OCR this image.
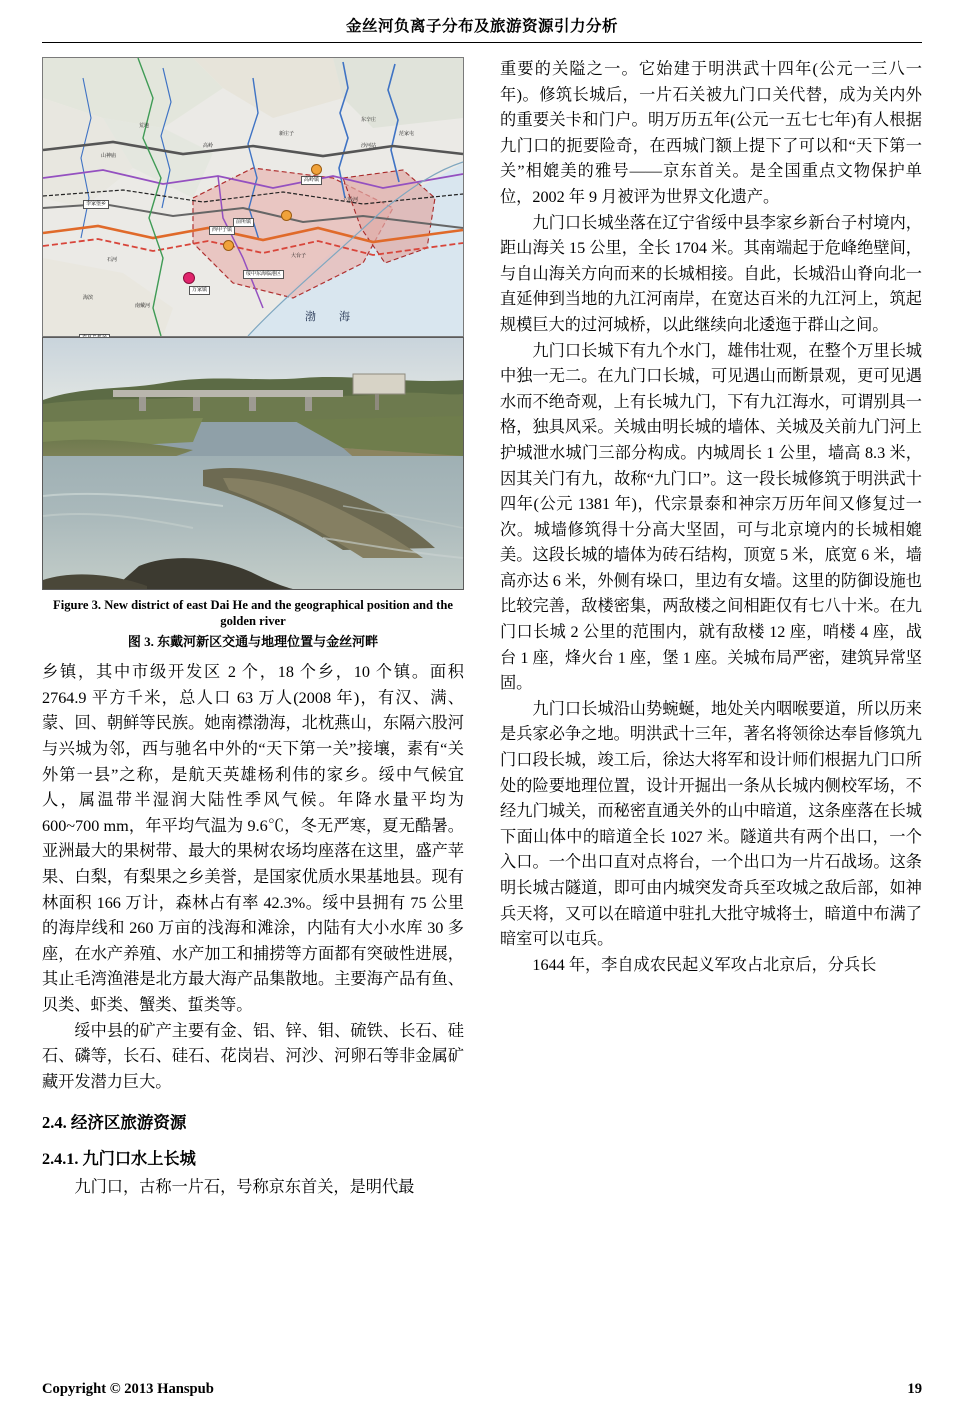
金丝河负离子分布及旅游资源引力分析
高岭镇
前所镇
西甲子镇
万家镇
李家堡乡
绥中东海临港区
东辛庄
范家屯
沙河站
新庄子
高岭
荒地
山神庙
六股河
大台子
石河
海滨
南戴河
渤　海
Figure 3. New district of east Dai He and the geographical position and the golden river
图 3. 东戴河新区交通与地理位置与金丝河畔

乡镇，其中市级开发区 2 个，18 个乡，10 个镇。面积 2764.9 平方千米，总人口 63 万人(2008 年)，有汉、满、蒙、回、朝鲜等民族。她南襟渤海，北枕燕山，东隔六股河与兴城为邻，西与驰名中外的“天下第一关”接壤，素有“关外第一县”之称，是航天英雄杨利伟的家乡。绥中气候宜人，属温带半湿润大陆性季风气候。年降水量平均为 600~700 mm，年平均气温为 9.6℃，冬无严寒，夏无酷暑。亚洲最大的果树带、最大的果树农场均座落在这里，盛产苹果、白梨，有梨果之乡美誉，是国家优质水果基地县。现有林面积 166 万计，森林占有率 42.3%。绥中县拥有 75 公里的海岸线和 260 万亩的浅海和滩涂，内陆有大小水库 30 多座，在水产养殖、水产加工和捕捞等方面都有突破性进展，其止毛湾渔港是北方最大海产品集散地。主要海产品有鱼、贝类、虾类、蟹类、蜇类等。

绥中县的矿产主要有金、铝、锌、钼、硫铁、长石、硅石、磷等，长石、硅石、花岗岩、河沙、河卵石等非金属矿藏开发潜力巨大。

2.4. 经济区旅游资源
2.4.1. 九门口水上长城

九门口，古称一片石，号称京东首关，是明代最

重要的关隘之一。它始建于明洪武十四年(公元一三八一年)。修筑长城后，一片石关被九门口关代替，成为关内外的重要关卡和门户。明万历五年(公元一五七七年)有人根据九门口的扼要险奇，在西城门额上提下了可以和“天下第一关”相媲美的雅号——京东首关。是全国重点文物保护单位，2002 年 9 月被评为世界文化遗产。

九门口长城坐落在辽宁省绥中县李家乡新台子村境内，距山海关 15 公里，全长 1704 米。其南端起于危峰绝壁间，与自山海关方向而来的长城相接。自此，长城沿山脊向北一直延伸到当地的九江河南岸，在宽达百米的九江河上，筑起规模巨大的过河城桥，以此继续向北逶迤于群山之间。

九门口长城下有九个水门，雄伟壮观，在整个万里长城中独一无二。在九门口长城，可见遇山而断景观，更可见遇水而不绝奇观，上有长城九门，下有九江海水，可谓别具一格，独具风采。关城由明长城的墙体、关城及关前九门河上护城泄水城门三部分构成。内城周长 1 公里，墙高 8.3 米，因其关门有九，故称“九门口”。这一段长城修筑于明洪武十四年(公元 1381 年)，代宗景泰和神宗万历年间又修复过一次。城墙修筑得十分高大坚固，可与北京境内的长城相媲美。这段长城的墙体为砖石结构，顶宽 5 米，底宽 6 米，墙高亦达 6 米，外侧有垛口，里边有女墙。这里的防御设施也比较完善，敌楼密集，两敌楼之间相距仅有七八十米。在九门口长城 2 公里的范围内，就有敌楼 12 座，哨楼 4 座，战台 1 座，烽火台 1 座，堡 1 座。关城布局严密，建筑异常坚固。

九门口长城沿山势蜿蜒，地处关内咽喉要道，所以历来是兵家必争之地。明洪武十三年，著名将领徐达奉旨修筑九门口段长城，竣工后，徐达大将军和设计师们根据九门口所处的险要地理位置，设计开掘出一条从长城内侧校军场，不经九门城关，而秘密直通关外的山中暗道，这条座落在长城下面山体中的暗道全长 1027 米。隧道共有两个出口，一个入口。一个出口直对点将台，一个出口为一片石战场。这条明长城古隧道，即可由内城突发奇兵至攻城之敌后部，如神兵天将，又可以在暗道中驻扎大批守城将士，暗道中布满了暗室可以屯兵。

1644 年，李自成农民起义军攻占北京后，分兵长

Copyright © 2013 Hanspub	19
